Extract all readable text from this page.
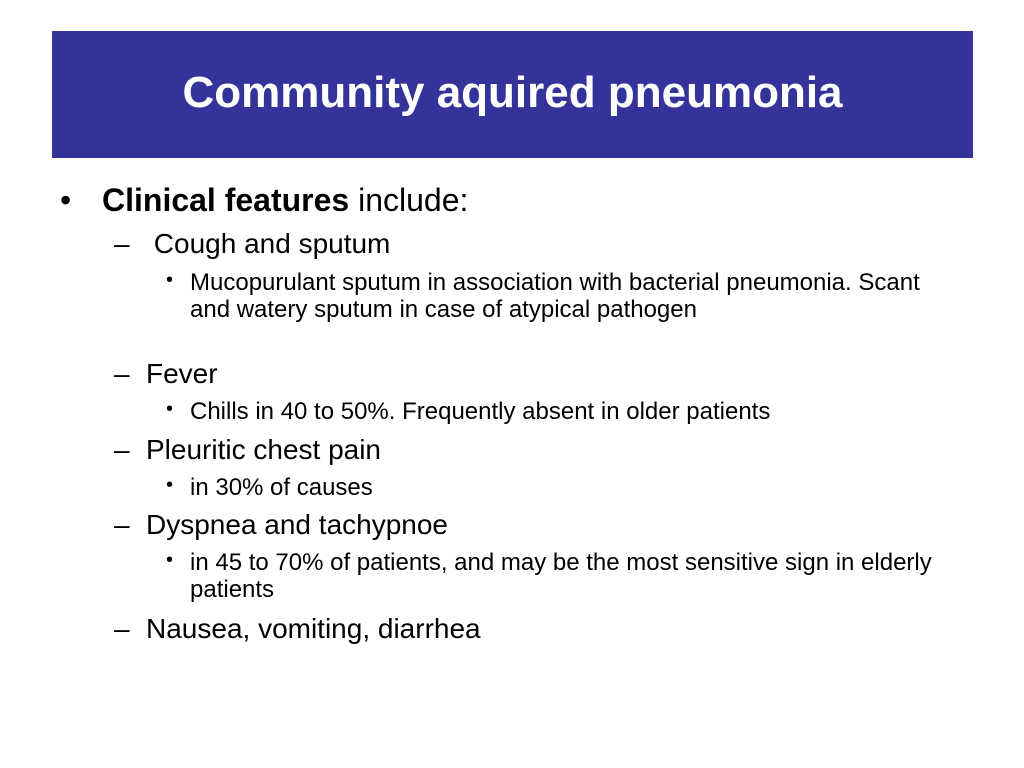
Community aquired pneumonia
• Clinical features include:
– Cough and sputum
• Mucopurulant sputum in association with bacterial pneumonia. Scant and watery sputum in case of atypical pathogen
– Fever
• Chills in 40 to 50%. Frequently absent in older patients
– Pleuritic chest pain
• in 30% of causes
– Dyspnea and tachypnoe
• in 45 to 70% of patients, and may be the most sensitive sign in elderly patients
– Nausea, vomiting, diarrhea
